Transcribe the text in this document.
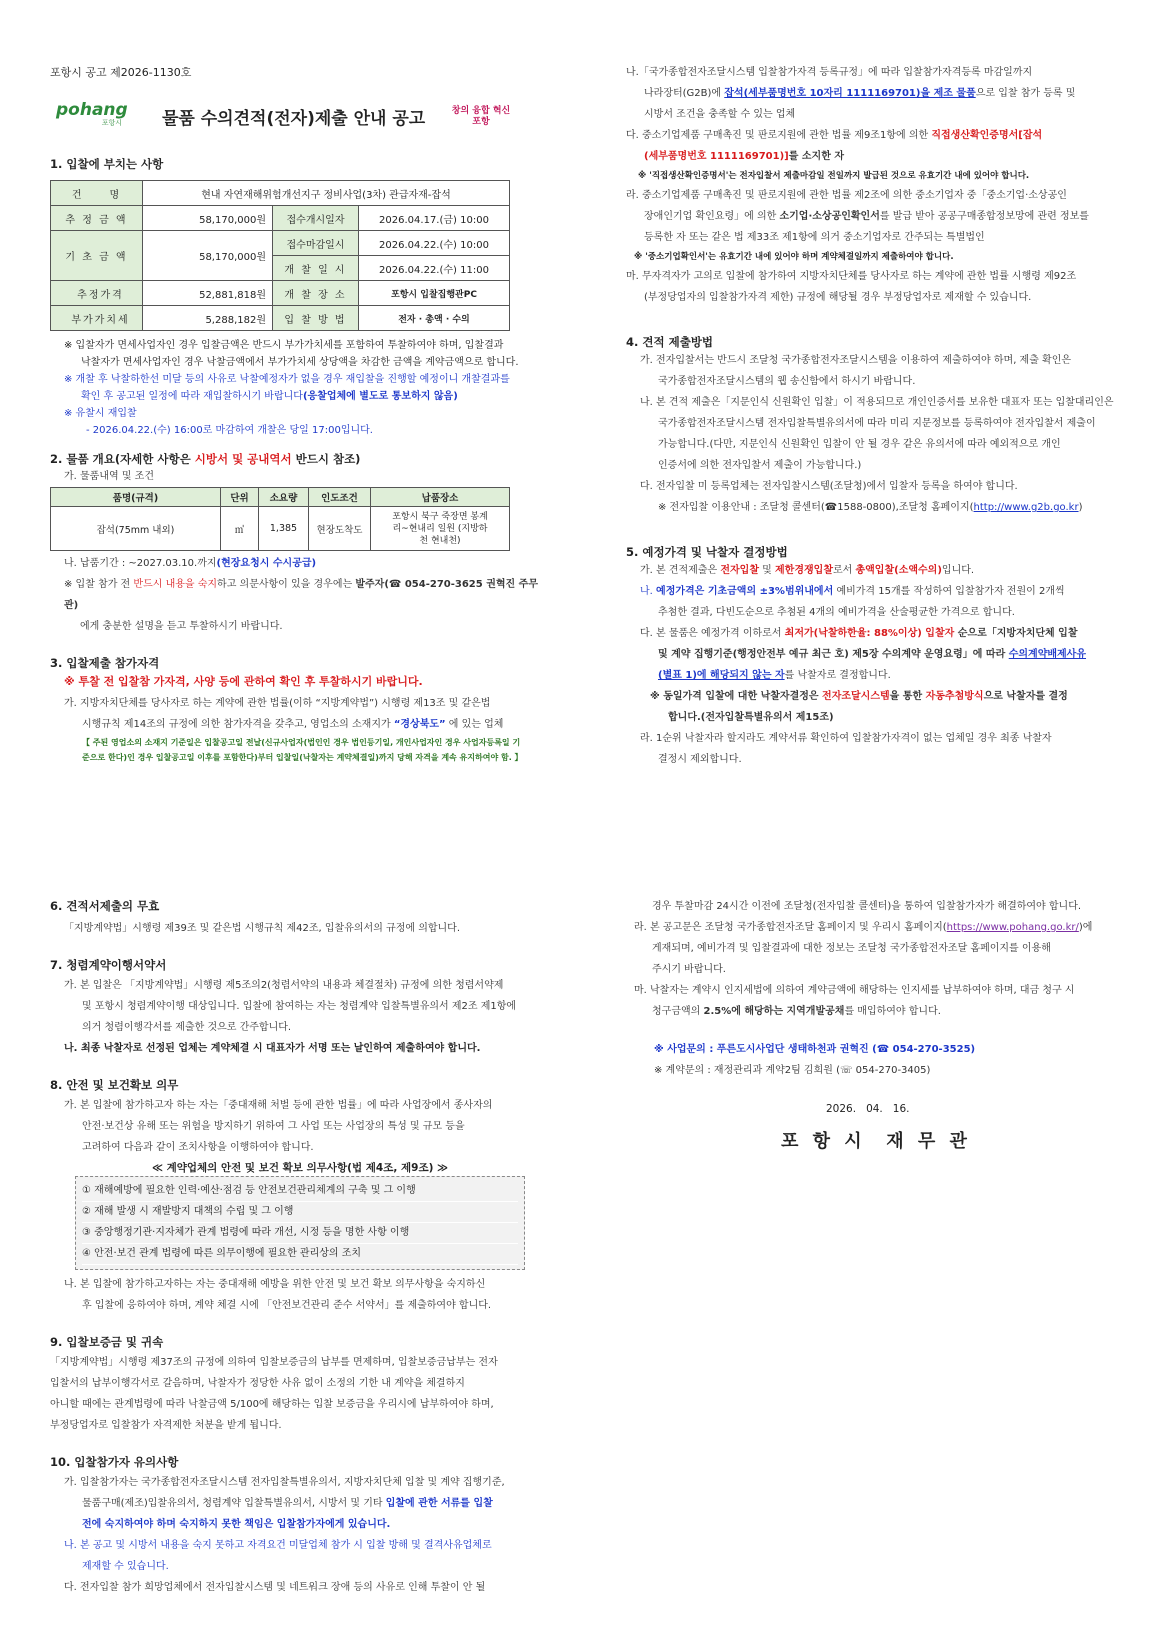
포항시 공고 제2026-1130호
pohang
포항시	물품 수의견적(전자)제출 안내 공고	창의 융합 혁신 포항
1. 입찰에 부치는 사항
건     명	현내 자연재해위험개선지구 정비사업(3차) 관급자재-잡석		
추 정 금 액	58,170,000원	접수개시일자	2026.04.17.(금) 10:00
		접수마감일시	2026.04.22.(수) 10:00
기 초 금 액	58,170,000원		
		개 찰 일 시	2026.04.22.(수) 11:00
추정가격	52,881,818원	개 찰 장 소	포항시 입찰집행관PC
부가가치세	5,288,182원	입 찰 방 법	전자 · 총액 · 수의
※ 입찰자가 면세사업자인 경우 입찰금액은 반드시 부가가치세를 포함하여 투찰하여야 하며, 입찰결과
낙찰자가 면세사업자인 경우 낙찰금액에서 부가가치세 상당액을 차감한 금액을 계약금액으로 합니다.
※ 개찰 후 낙찰하한선 미달 등의 사유로 낙찰예정자가 없을 경우 재입찰을 진행할 예정이니 개찰결과를
확인 후 공고된 일정에 따라 재입찰하시기 바랍니다(응찰업체에 별도로 통보하지 않음)
※ 유찰시 재입찰
- 2026.04.22.(수) 16:00로 마감하여 개찰은 당일 17:00입니다.
2. 물품 개요(자세한 사항은 시방서 및 공내역서 반드시 참조)
가. 물품내역 및 조건
품명(규격)	단위	소요량	인도조건	납품장소
잡석(75mm 내외)	㎥	1,385	현장도착도	포항시 북구 죽장면 봉계리~현내리 일원 (지방하천 현내천)
나. 납품기간 : ~2027.03.10.까지(현장요청시 수시공급)
※ 입찰 참가 전 반드시 내용을 숙지하고 의문사항이 있을 경우에는 발주자(☎ 054-270-3625 권혁진 주무관)
에게 충분한 설명을 듣고 투찰하시기 바랍니다.
3. 입찰제출 참가자격
※ 투찰 전 입찰참 가자격, 사양 등에 관하여 확인 후 투찰하시기 바랍니다.
가. 지방자치단체를 당사자로 하는 계약에 관한 법률(이하 “지방계약법”) 시행령 제13조 및 같은법
시행규칙 제14조의 규정에 의한 참가자격을 갖추고, 영업소의 소재지가 “경상북도” 에 있는 업체
【 주된 영업소의 소재지 기준일은 입찰공고일 전날(신규사업자(법인인 경우 법인등기일, 개인사업자인 경우 사업자등록일 기
준으로 한다)인 경우 입찰공고일 이후를 포함한다)부터 입찰일(낙찰자는 계약체결일)까지 당해 자격을 계속 유지하여야 함. 】
나.「국가종합전자조달시스템 입찰참가자격 등록규정」에 따라 입찰참가자격등록 마감일까지
나라장터(G2B)에 잡석(세부품명번호 10자리 1111169701)을 제조 물품으로 입찰 참가 등록 및
시방서 조건을 충족할 수 있는 업체
다. 중소기업제품 구매촉진 및 판로지원에 관한 법률 제9조1항에 의한 직접생산확인증명서[잡석
(세부품명번호 1111169701)]를 소지한 자
※ '직접생산확인증명서'는 전자입찰서 제출마감일 전일까지 발급된 것으로 유효기간 내에 있어야 합니다.
라. 중소기업제품 구매촉진 및 판로지원에 관한 법률 제2조에 의한 중소기업자 중「중소기업·소상공인
장애인기업 확인요령」에 의한 소기업·소상공인확인서를 발급 받아 공공구매종합정보망에 관련 정보를
등록한 자 또는 같은 법 제33조 제1항에 의거 중소기업자로 간주되는 특별법인
※ '중소기업확인서'는 유효기간 내에 있어야 하며 계약체결일까지 제출하여야 합니다.
마. 무자격자가 고의로 입찰에 참가하여 지방자치단체를 당사자로 하는 계약에 관한 법률 시행령 제92조
(부정당업자의 입찰참가자격 제한) 규정에 해당될 경우 부정당업자로 제재할 수 있습니다.
4. 견적 제출방법
가. 전자입찰서는 반드시 조달청 국가종합전자조달시스템을 이용하여 제출하여야 하며, 제출 확인은
국가종합전자조달시스템의 웹 송신함에서 하시기 바랍니다.
나. 본 견적 제출은「지문인식 신원확인 입찰」이 적용되므로 개인인증서를 보유한 대표자 또는 입찰대리인은
국가종합전자조달시스템 전자입찰특별유의서에 따라 미리 지문정보를 등록하여야 전자입찰서 제출이
가능합니다.(다만, 지문인식 신원확인 입찰이 안 될 경우 같은 유의서에 따라 예외적으로 개인
인증서에 의한 전자입찰서 제출이 가능합니다.)
다. 전자입찰 미 등록업체는 전자입찰시스템(조달청)에서 입찰자 등록을 하여야 합니다.
※ 전자입찰 이용안내 : 조달청 콜센터(☎1588-0800),조달청 홈페이지(http://www.g2b.go.kr)
5. 예정가격 및 낙찰자 결정방법
가. 본 견적제출은 전자입찰 및 제한경쟁입찰로서 총액입찰(소액수의)입니다.
나. 예정가격은 기초금액의 ±3%범위내에서 예비가격 15개를 작성하여 입찰참가자 전원이 2개씩
추첨한 결과, 다빈도순으로 추첨된 4개의 예비가격을 산술평균한 가격으로 합니다.
다. 본 물품은 예정가격 이하로서 최저가(낙찰하한율: 88%이상) 입찰자 순으로「지방자치단체 입찰
및 계약 집행기준(행정안전부 예규 최근 호) 제5장 수의계약 운영요령」에 따라 수의계약배제사유
(별표 1)에 해당되지 않는 자를 낙찰자로 결정합니다.
※ 동일가격 입찰에 대한 낙찰자결정은 전자조달시스템을 통한 자동추첨방식으로 낙찰자를 결정
합니다.(전자입찰특별유의서 제15조)
라. 1순위 낙찰자라 할지라도 계약서류 확인하여 입찰참가자격이 없는 업체일 경우 최종 낙찰자
결정시 제외합니다.
6. 견적서제출의 무효
「지방계약법」시행령 제39조 및 같은법 시행규칙 제42조, 입찰유의서의 규정에 의합니다.
7. 청렴계약이행서약서
가. 본 입찰은 「지방계약법」시행령 제5조의2(청렴서약의 내용과 체결절차) 규정에 의한 청렴서약제
및 포항시 청렴계약이행 대상입니다. 입찰에 참여하는 자는 청렴계약 입찰특별유의서 제2조 제1항에
의거 청렴이행각서를 제출한 것으로 간주합니다.
나. 최종 낙찰자로 선정된 업체는 계약체결 시 대표자가 서명 또는 날인하여 제출하여야 합니다.
8. 안전 및 보건확보 의무
가. 본 입찰에 참가하고자 하는 자는「중대재해 처벌 등에 관한 법률」에 따라 사업장에서 종사자의
안전·보건상 유해 또는 위험을 방지하기 위하여 그 사업 또는 사업장의 특성 및 규모 등을
고려하여 다음과 같이 조치사항을 이행하여야 합니다.
≪ 계약업체의 안전 및 보건 확보 의무사항(법 제4조, 제9조) ≫
① 재해예방에 필요한 인력·예산·점검 등 안전보건관리체계의 구축 및 그 이행
② 재해 발생 시 재발방지 대책의 수립 및 그 이행
③ 중앙행정기관·지자체가 관계 법령에 따라 개선, 시정 등을 명한 사항 이행
④ 안전·보건 관계 법령에 따른 의무이행에 필요한 관리상의 조치
나. 본 입찰에 참가하고자하는 자는 중대재해 예방을 위한 안전 및 보건 확보 의무사항을 숙지하신
후 입찰에 응하여야 하며, 계약 체결 시에 「안전보건관리 준수 서약서」를 제출하여야 합니다.
9. 입찰보증금 및 귀속
「지방계약법」시행령 제37조의 규정에 의하여 입찰보증금의 납부를 면제하며, 입찰보증금납부는 전자
입찰서의 납부이행각서로 갈음하며, 낙찰자가 정당한 사유 없이 소정의 기한 내 계약을 체결하지
아니할 때에는 관계법령에 따라 낙찰금액 5/100에 해당하는 입찰 보증금을 우리시에 납부하여야 하며,
부정당업자로 입찰참가 자격제한 처분을 받게 됩니다.
10. 입찰참가자 유의사항
가. 입찰참가자는 국가종합전자조달시스템 전자입찰특별유의서, 지방자치단체 입찰 및 계약 집행기준,
물품구매(제조)입찰유의서, 청렴계약 입찰특별유의서, 시방서 및 기타 입찰에 관한 서류를 입찰
전에 숙지하여야 하며 숙지하지 못한 책임은 입찰참가자에게 있습니다.
나. 본 공고 및 시방서 내용을 숙지 못하고 자격요건 미달업체 참가 시 입찰 방해 및 결격사유업체로
제재할 수 있습니다.
다. 전자입찰 참가 희망업체에서 전자입찰시스템 및 네트워크 장애 등의 사유로 인해 투찰이 안 될
경우 투찰마감 24시간 이전에 조달청(전자입찰 콜센터)을 통하여 입찰참가자가 해결하여야 합니다.
라. 본 공고문은 조달청 국가종합전자조달 홈페이지 및 우리시 홈페이지(https://www.pohang.go.kr/)에
게재되며, 예비가격 및 입찰결과에 대한 정보는 조달청 국가종합전자조달 홈페이지를 이용해
주시기 바랍니다.
마. 낙찰자는 계약시 인지세법에 의하여 계약금액에 해당하는 인지세를 납부하여야 하며, 대금 청구 시
청구금액의 2.5%에 해당하는 지역개발공채를 매입하여야 합니다.
※ 사업문의 : 푸른도시사업단 생태하천과 권혁진 (☎ 054-270-3525)
※ 계약문의 : 재정관리과 계약2팀 김희원 (☏ 054-270-3405)
2026.   04.   16.
포 항 시  재 무 관
